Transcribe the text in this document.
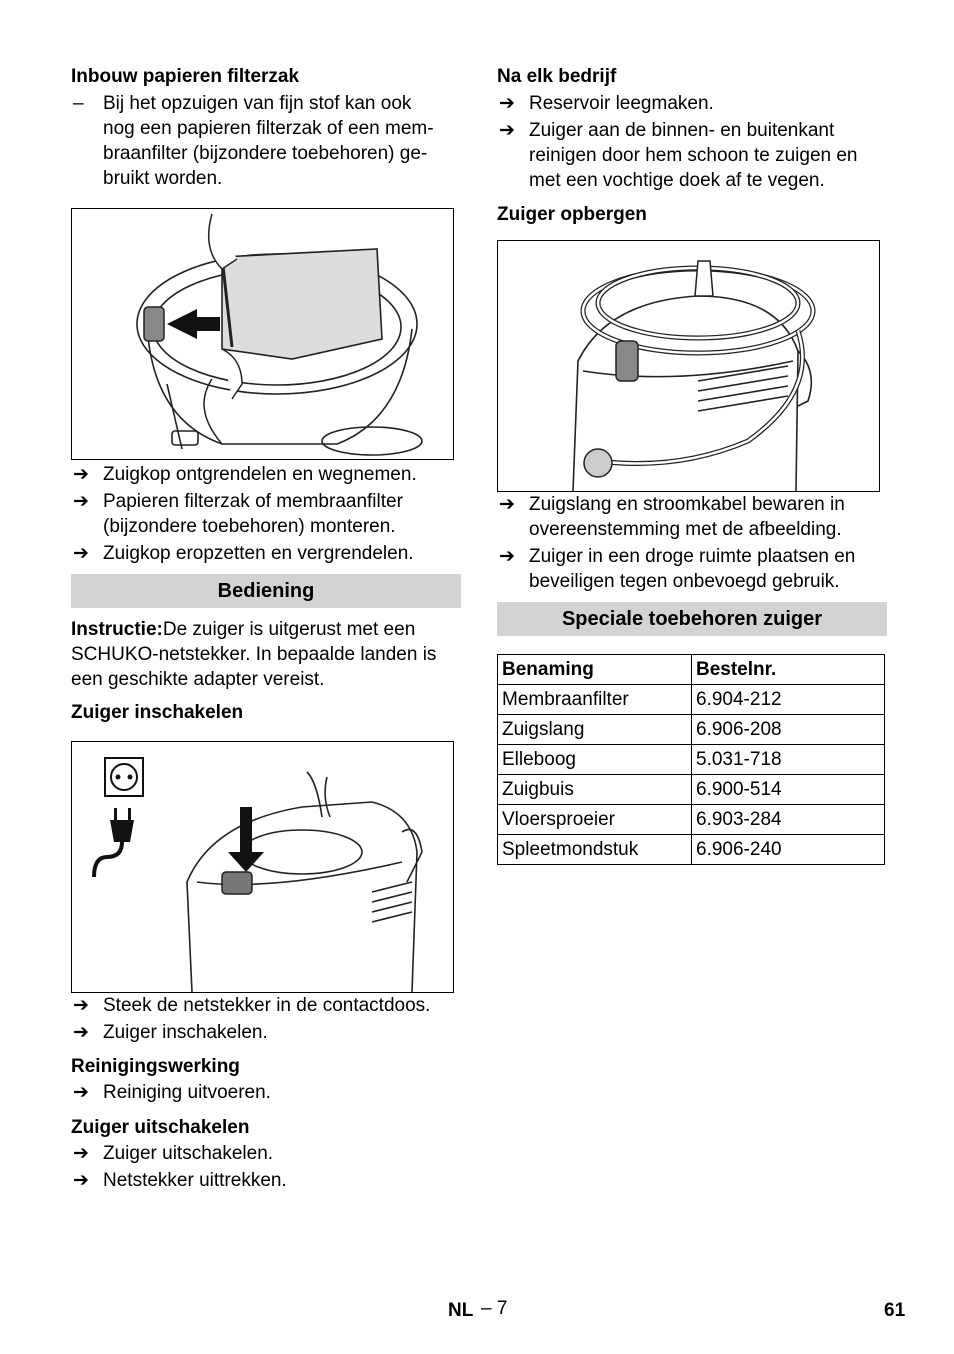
Inbouw papieren filterzak
–	Bij het opzuigen van fijn stof kan ook
nog een papieren filterzak of een mem-
braanfilter (bijzondere toebehoren) ge-
bruikt worden.
➔ Zuigkop ontgrendelen en wegnemen.
➔ Papieren filterzak of membraanfilter (bijzondere toebehoren) monteren.
➔ Zuigkop eropzetten en vergrendelen.
Bediening
Instructie:De zuiger is uitgerust met een SCHUKO-netstekker. In bepaalde landen is een geschikte adapter vereist.
Zuiger inschakelen
➔ Steek de netstekker in de contactdoos.
➔ Zuiger inschakelen.
Reinigingswerking
➔ Reiniging uitvoeren.
Zuiger uitschakelen
➔ Zuiger uitschakelen.
➔ Netstekker uittrekken.
Na elk bedrijf
➔ Reservoir leegmaken.
➔ Zuiger aan de binnen- en buitenkant reinigen door hem schoon te zuigen en met een vochtige doek af te vegen.
Zuiger opbergen
➔ Zuigslang en stroomkabel bewaren in overeenstemming met de afbeelding.
➔ Zuiger in een droge ruimte plaatsen en beveiligen tegen onbevoegd gebruik.
Speciale toebehoren zuiger
Benaming	Bestelnr.
Membraanfilter	6.904-212
Zuigslang	6.906-208
Elleboog	5.031-718
Zuigbuis	6.900-514
Vloersproeier	6.903-284
Spleetmondstuk	6.906-240
NL – 7	61
